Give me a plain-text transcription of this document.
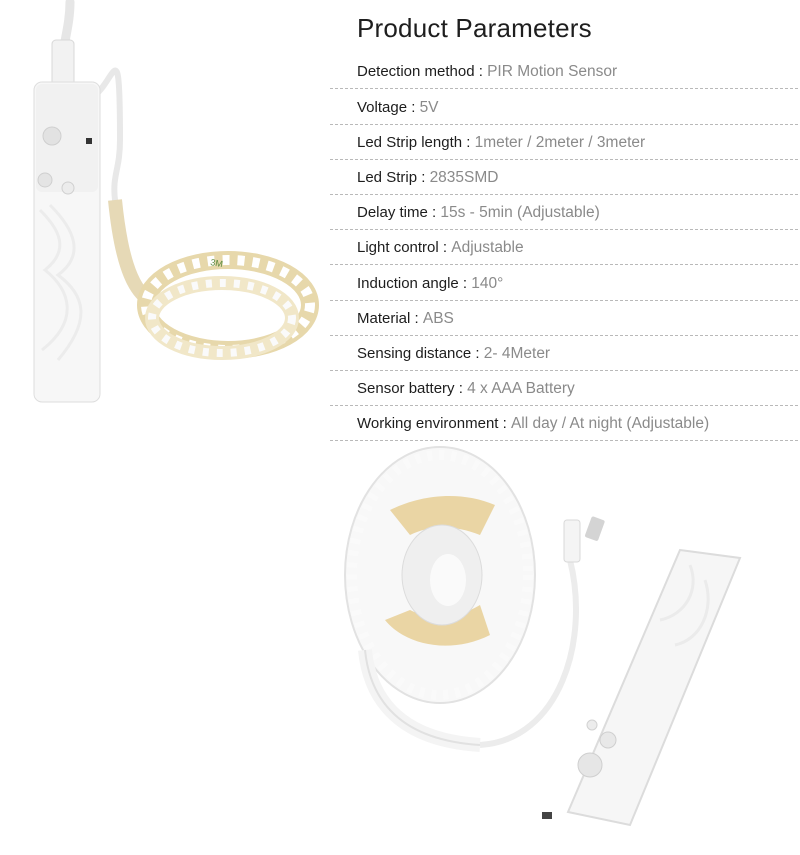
3M
Product Parameters
Detection method : PIR Motion Sensor
Voltage : 5V
Led Strip length : 1meter / 2meter / 3meter
Led Strip : 2835SMD
Delay time : 15s - 5min (Adjustable)
Light control : Adjustable
Induction angle : 140°
Material : ABS
Sensing distance : 2- 4Meter
Sensor battery : 4 x AAA Battery
Working environment : All day / At night (Adjustable)
